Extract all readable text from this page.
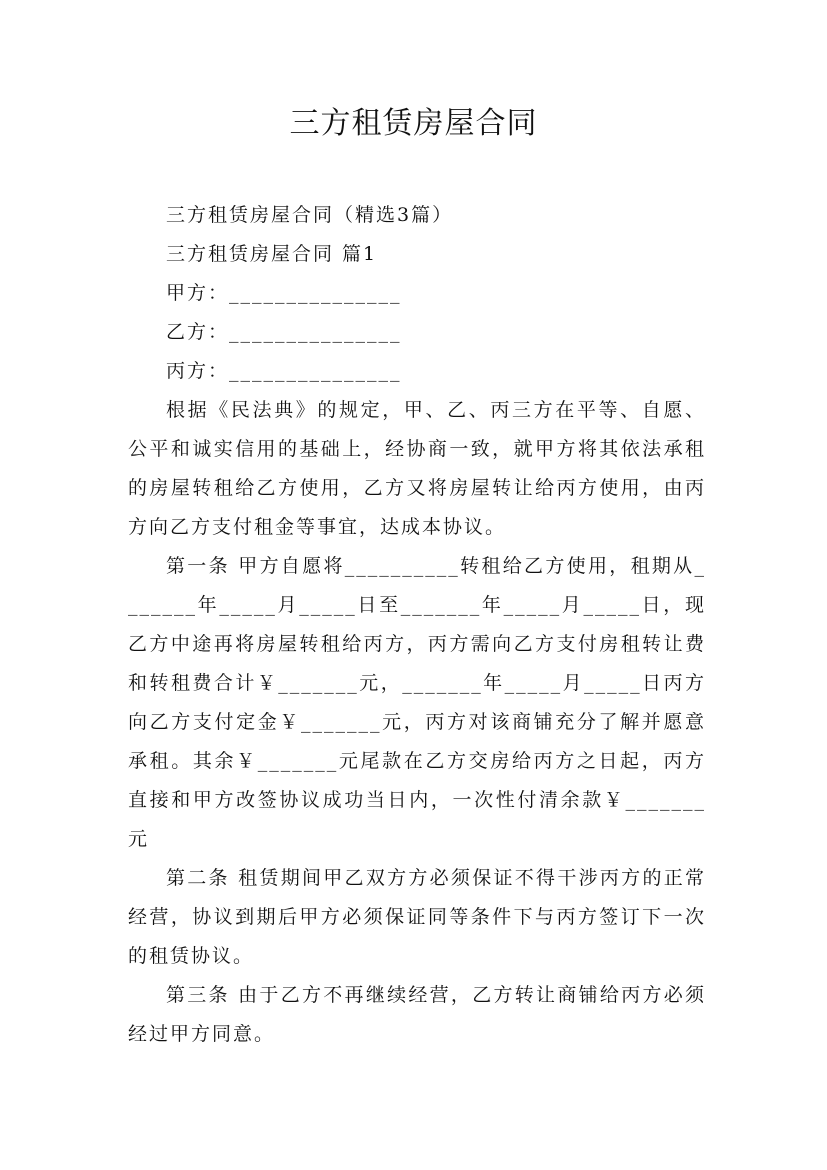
三方租赁房屋合同

三方租赁房屋合同（精选3篇）

三方租赁房屋合同 篇1

甲方：_______________

乙方：_______________

丙方：_______________

根据《民法典》的规定，甲、乙、丙三方在平等、自愿、公平和诚实信用的基础上，经协商一致，就甲方将其依法承租的房屋转租给乙方使用，乙方又将房屋转让给丙方使用，由丙方向乙方支付租金等事宜，达成本协议。

第一条 甲方自愿将__________转租给乙方使用，租期从_______年_____月_____日至_______年_____月_____日，现乙方中途再将房屋转租给丙方，丙方需向乙方支付房租转让费和转租费合计￥_______元，_______年_____月_____日丙方向乙方支付定金￥_______元，丙方对该商铺充分了解并愿意承租。其余￥_______元尾款在乙方交房给丙方之日起，丙方直接和甲方改签协议成功当日内，一次性付清余款￥_______元

第二条 租赁期间甲乙双方方必须保证不得干涉丙方的正常经营，协议到期后甲方必须保证同等条件下与丙方签订下一次的租赁协议。

第三条 由于乙方不再继续经营，乙方转让商铺给丙方必须经过甲方同意。
